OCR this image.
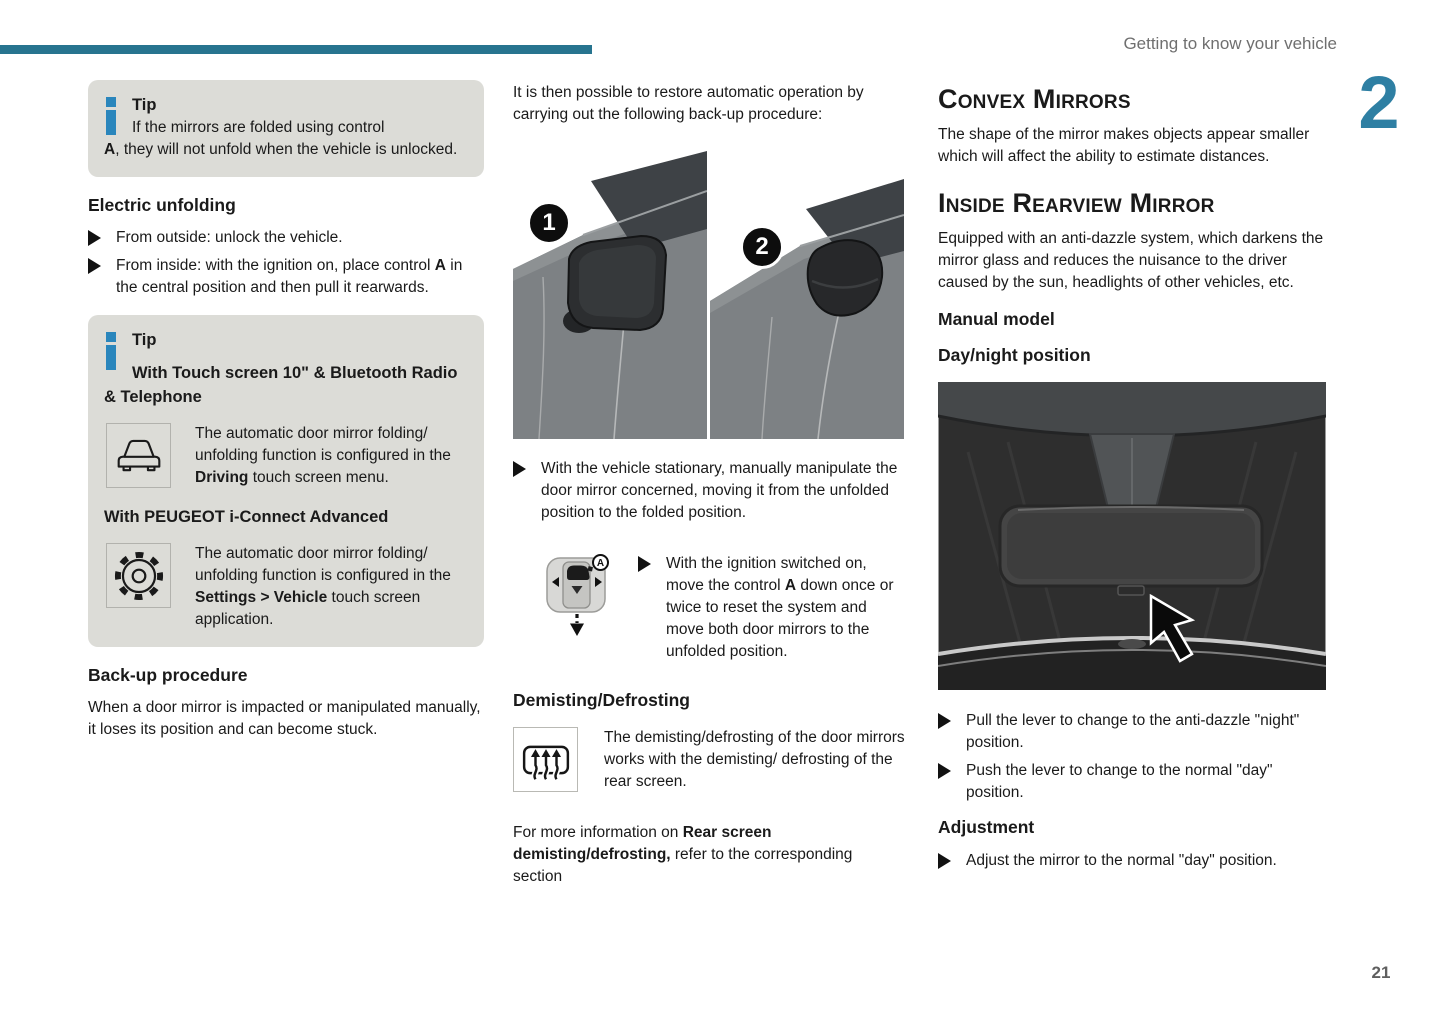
Getting to know your vehicle
2

Tip
If the mirrors are folded using control
A, they will not unfold when the vehicle is unlocked.

Electric unfolding
From outside: unlock the vehicle.
From inside: with the ignition on, place control A in the central position and then pull it rearwards.
Tip
With Touch screen 10" & Bluetooth Radio & Telephone
The automatic door mirror folding/ unfolding function is configured in the Driving touch screen menu.
With PEUGEOT i-Connect Advanced
The automatic door mirror folding/ unfolding function is configured in the Settings > Vehicle touch screen application.
Back-up procedure

When a door mirror is impacted or manipulated manually, it loses its position and can become stuck.

It is then possible to restore automatic operation by carrying out the following back-up procedure:

1
2
With the vehicle stationary, manually manipulate the door mirror concerned, moving it from the unfolded position to the folded position.
A	With the ignition switched on, move the control A down once or twice to reset the system and move both door mirrors to the unfolded position.
Demisting/Defrosting
The demisting/defrosting of the door mirrors works with the demisting/ defrosting of the rear screen.

For more information on Rear screen demisting/defrosting, refer to the corresponding section

Convex Mirrors

The shape of the mirror makes objects appear smaller which will affect the ability to estimate distances.

Inside Rearview Mirror

Equipped with an anti-dazzle system, which darkens the mirror glass and reduces the nuisance to the driver caused by the sun, headlights of other vehicles, etc.

Manual model
Day/night position
Pull the lever to change to the anti-dazzle "night" position.
Push the lever to change to the normal "day" position.
Adjustment
Adjust the mirror to the normal "day" position.
21
